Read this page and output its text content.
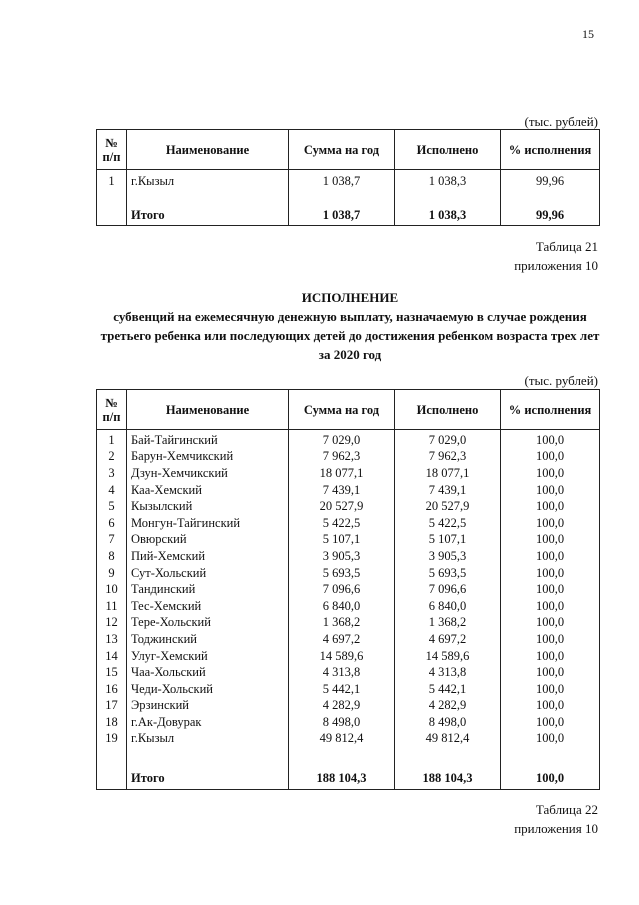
15
(тыс. рублей)
№ п/п	Наименование	Сумма на год	Исполнено	% исполнения
1	г.Кызыл	1 038,7	1 038,3	99,96

	Итого	1 038,7	1 038,3	99,96
Таблица 21
приложения 10
ИСПОЛНЕНИЕ
субвенций на ежемесячную денежную выплату, назначаемую в случае рождения
третьего ребенка или последующих детей до достижения ребенком возраста трех лет
за 2020 год
(тыс. рублей)
№ п/п	Наименование	Сумма на год	Исполнено	% исполнения
1	Бай-Тайгинский	7 029,0	7 029,0	100,0
2	Барун-Хемчикский	7 962,3	7 962,3	100,0
3	Дзун-Хемчикский	18 077,1	18 077,1	100,0
4	Каа-Хемский	7 439,1	7 439,1	100,0
5	Кызылский	20 527,9	20 527,9	100,0
6	Монгун-Тайгинский	5 422,5	5 422,5	100,0
7	Овюрский	5 107,1	5 107,1	100,0
8	Пий-Хемский	3 905,3	3 905,3	100,0
9	Сут-Хольский	5 693,5	5 693,5	100,0
10	Тандинский	7 096,6	7 096,6	100,0
11	Тес-Хемский	6 840,0	6 840,0	100,0
12	Тере-Хольский	1 368,2	1 368,2	100,0
13	Тоджинский	4 697,2	4 697,2	100,0
14	Улуг-Хемский	14 589,6	14 589,6	100,0
15	Чаа-Хольский	4 313,8	4 313,8	100,0
16	Чеди-Хольский	5 442,1	5 442,1	100,0
17	Эрзинский	4 282,9	4 282,9	100,0
18	г.Ак-Довурак	8 498,0	8 498,0	100,0
19	г.Кызыл	49 812,4	49 812,4	100,0

	Итого	188 104,3	188 104,3	100,0
Таблица 22
приложения 10
